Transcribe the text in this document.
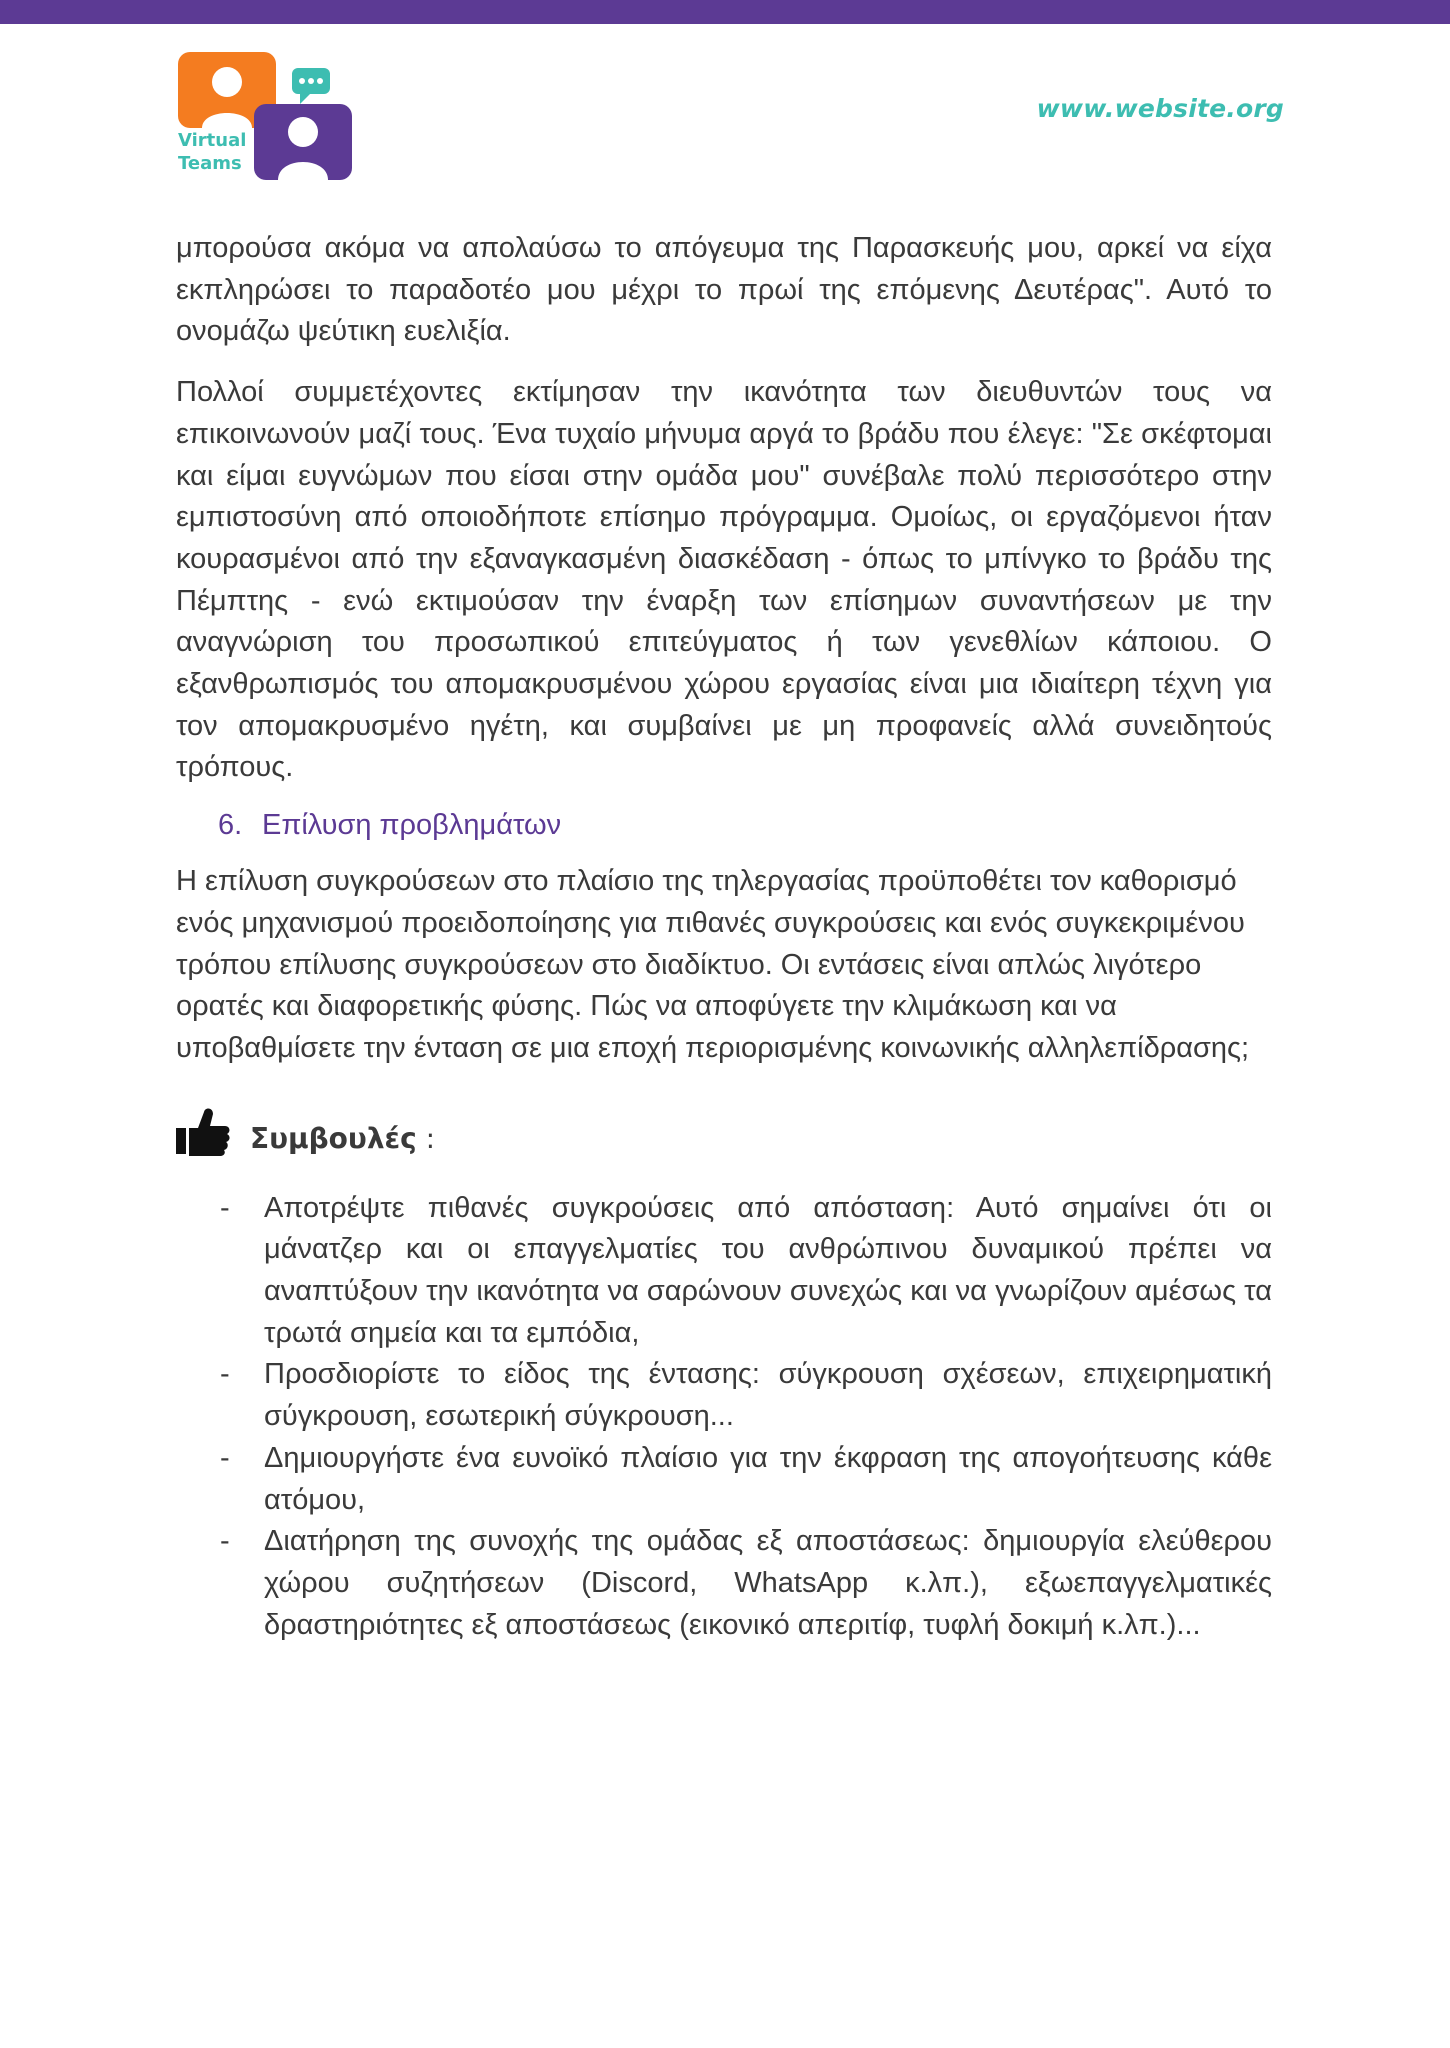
Virtual
Teams
www.website.org

μπορούσα ακόμα να απολαύσω το απόγευμα της Παρασκευής μου, αρκεί να είχα εκπληρώσει το παραδοτέο μου μέχρι το πρωί της επόμενης Δευτέρας". Αυτό το ονομάζω ψεύτικη ευελιξία.

Πολλοί συμμετέχοντες εκτίμησαν την ικανότητα των διευθυντών τους να επικοινωνούν μαζί τους. Ένα τυχαίο μήνυμα αργά το βράδυ που έλεγε: "Σε σκέφτομαι και είμαι ευγνώμων που είσαι στην ομάδα μου" συνέβαλε πολύ περισσότερο στην εμπιστοσύνη από οποιοδήποτε επίσημο πρόγραμμα. Ομοίως, οι εργαζόμενοι ήταν κουρασμένοι από την εξαναγκασμένη διασκέδαση - όπως το μπίνγκο το βράδυ της Πέμπτης - ενώ εκτιμούσαν την έναρξη των επίσημων συναντήσεων με την αναγνώριση του προσωπικού επιτεύγματος ή των γενεθλίων κάποιου. Ο εξανθρωπισμός του απομακρυσμένου χώρου εργασίας είναι μια ιδιαίτερη τέχνη για τον απομακρυσμένο ηγέτη, και συμβαίνει με μη προφανείς αλλά συνειδητούς τρόπους.

6. Επίλυση προβλημάτων

Η επίλυση συγκρούσεων στο πλαίσιο της τηλεργασίας προϋποθέτει τον καθορισμό ενός μηχανισμού προειδοποίησης για πιθανές συγκρούσεις και ενός συγκεκριμένου τρόπου επίλυσης συγκρούσεων στο διαδίκτυο. Οι εντάσεις είναι απλώς λιγότερο ορατές και διαφορετικής φύσης. Πώς να αποφύγετε την κλιμάκωση και να υποβαθμίσετε την ένταση σε μια εποχή περιορισμένης κοινωνικής αλληλεπίδρασης;

Συμβουλές :
- Αποτρέψτε πιθανές συγκρούσεις από απόσταση: Αυτό σημαίνει ότι οι μάνατζερ και οι επαγγελματίες του ανθρώπινου δυναμικού πρέπει να αναπτύξουν την ικανότητα να σαρώνουν συνεχώς και να γνωρίζουν αμέσως τα τρωτά σημεία και τα εμπόδια,
- Προσδιορίστε το είδος της έντασης: σύγκρουση σχέσεων, επιχειρηματική σύγκρουση, εσωτερική σύγκρουση...
- Δημιουργήστε ένα ευνοϊκό πλαίσιο για την έκφραση της απογοήτευσης κάθε ατόμου,
- Διατήρηση της συνοχής της ομάδας εξ αποστάσεως: δημιουργία ελεύθερου χώρου συζητήσεων (Discord, WhatsApp κ.λπ.), εξωεπαγγελματικές δραστηριότητες εξ αποστάσεως (εικονικό απεριτίφ, τυφλή δοκιμή κ.λπ.)...
